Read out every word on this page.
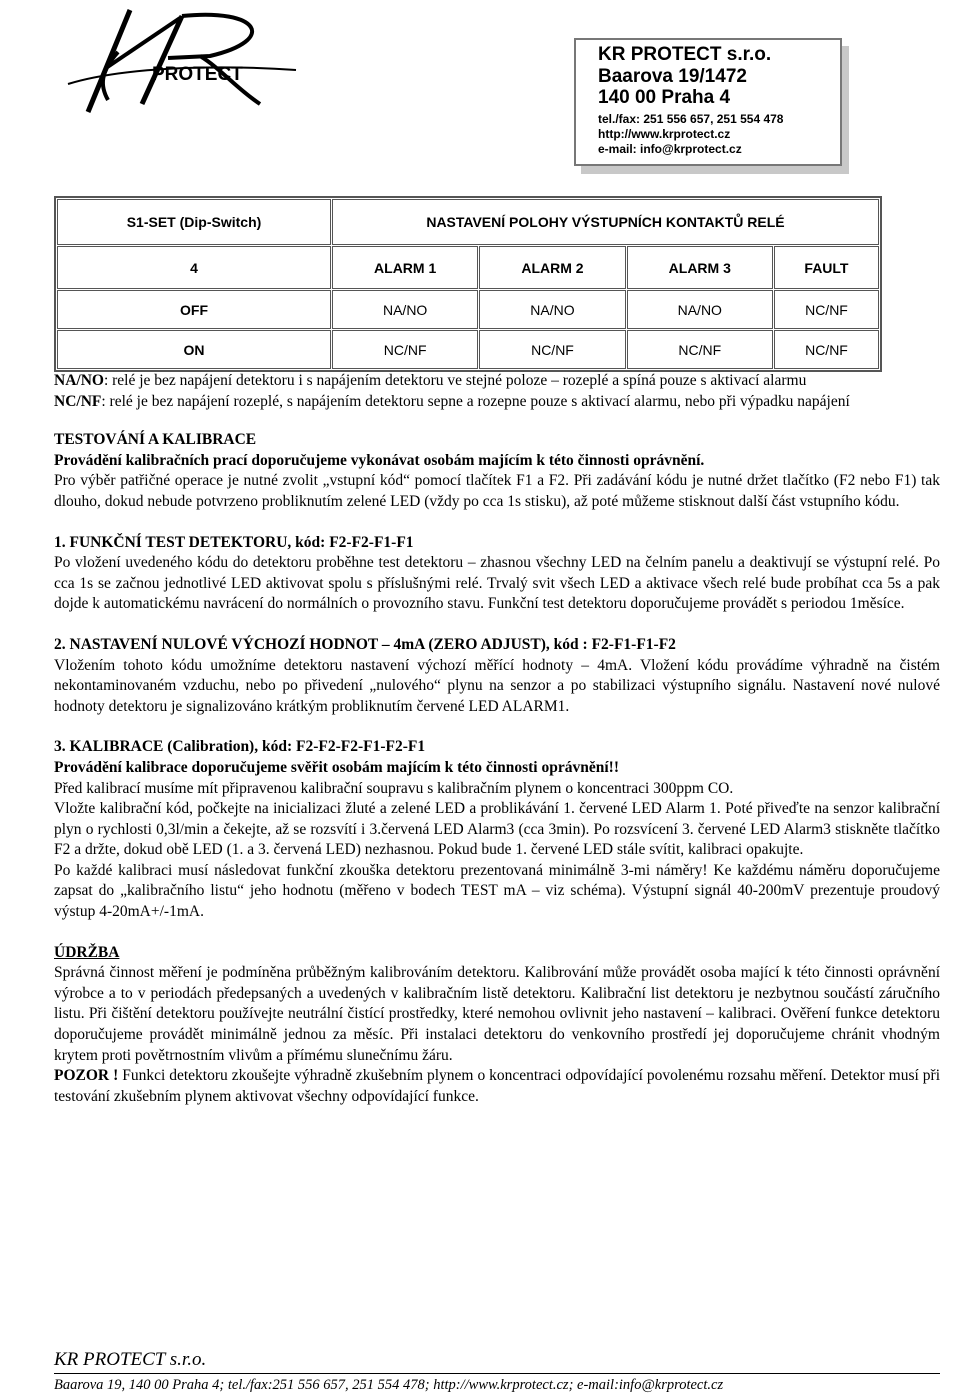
PROTECT
KR PROTECT s.r.o.
Baarova 19/1472
140 00 Praha 4
tel./fax: 251 556 657, 251 554 478
http://www.krprotect.cz
e-mail: info@krprotect.cz
S1-SET (Dip-Switch)	NASTAVENÍ POLOHY VÝSTUPNÍCH KONTAKTŮ RELÉ			
4	ALARM 1	ALARM 2	ALARM 3	FAULT
OFF	NA/NO	NA/NO	NA/NO	NC/NF
ON	NC/NF	NC/NF	NC/NF	NC/NF

NA/NO: relé je bez napájení detektoru i s napájením detektoru ve stejné poloze – rozeplé a spíná pouze s aktivací alarmu

NC/NF: relé je bez napájení rozeplé, s napájením detektoru sepne a rozepne pouze s aktivací alarmu, nebo při výpadku napájení

TESTOVÁNÍ A KALIBRACE

Provádění kalibračních prací doporučujeme vykonávat osobám majícím k této činnosti oprávnění.

Pro výběr patřičné operace je nutné zvolit „vstupní kód“ pomocí tlačítek F1 a F2. Při zadávání kódu je nutné držet tlačítko (F2 nebo F1) tak dlouho, dokud nebude potvrzeno probliknutím zelené LED (vždy po cca 1s stisku), až poté můžeme stisknout další část vstupního kódu.

1. FUNKČNÍ TEST DETEKTORU, kód: F2-F2-F1-F1

Po vložení uvedeného kódu do detektoru proběhne test detektoru – zhasnou všechny LED na čelním panelu a deaktivují se výstupní relé. Po cca 1s se začnou jednotlivé LED aktivovat spolu s příslušnými relé. Trvalý svit všech LED a aktivace všech relé bude probíhat cca 5s a pak dojde k automatickému navrácení do normálních o provozního stavu. Funkční test detektoru doporučujeme provádět s periodou 1měsíce.

2. NASTAVENÍ NULOVÉ VÝCHOZÍ HODNOT – 4mA (ZERO ADJUST), kód : F2-F1-F1-F2

Vložením tohoto kódu umožníme detektoru nastavení výchozí měřící hodnoty – 4mA. Vložení kódu provádíme výhradně na čistém nekontaminovaném vzduchu, nebo po přivedení „nulového“ plynu na senzor a po stabilizaci výstupního signálu. Nastavení nové nulové hodnoty detektoru je signalizováno krátkým probliknutím červené LED ALARM1.

3. KALIBRACE (Calibration), kód: F2-F2-F2-F1-F2-F1

Provádění kalibrace doporučujeme svěřit osobám majícím k této činnosti oprávnění!!

Před kalibrací musíme mít připravenou kalibrační soupravu s kalibračním plynem o koncentraci 300ppm CO.

Vložte kalibrační kód, počkejte na inicializaci žluté a zelené LED a problikávání 1. červené LED Alarm 1. Poté přiveďte na senzor kalibrační plyn o rychlosti 0,3l/min a čekejte, až se rozsvítí i 3.červená LED Alarm3 (cca 3min). Po rozsvícení 3. červené LED Alarm3 stiskněte tlačítko F2 a držte, dokud obě LED (1. a 3. červená LED) nezhasnou. Pokud bude 1. červené LED stále svítit, kalibraci opakujte.

Po každé kalibraci musí následovat funkční zkouška detektoru prezentovaná minimálně 3-mi náměry! Ke každému náměru doporučujeme zapsat do „kalibračního listu“ jeho hodnotu (měřeno v bodech TEST mA – viz schéma). Výstupní signál 40-200mV prezentuje proudový výstup 4-20mA+/-1mA.

ÚDRŽBA

Správná činnost měření je podmíněna průběžným kalibrováním detektoru. Kalibrování může provádět osoba mající k této činnosti oprávnění výrobce a to v periodách předepsaných a uvedených v kalibračním listě detektoru. Kalibrační list detektoru je nezbytnou součástí záručního listu. Při čištění detektoru používejte neutrální čistící prostředky, které nemohou ovlivnit jeho nastavení – kalibraci. Ověření funkce detektoru doporučujeme provádět minimálně jednou za měsíc. Při instalaci detektoru do venkovního prostředí jej doporučujeme chránit vhodným krytem proti povětrnostním vlivům a přímému slunečnímu žáru.

POZOR ! Funkci detektoru zkoušejte výhradně zkušebním plynem o koncentraci odpovídající povolenému rozsahu měření. Detektor musí při testování zkušebním plynem aktivovat všechny odpovídající funkce.

KR PROTECT s.r.o.
Baarova 19, 140 00 Praha 4; tel./fax:251 556 657, 251 554 478; http://www.krprotect.cz; e-mail:info@krprotect.cz
